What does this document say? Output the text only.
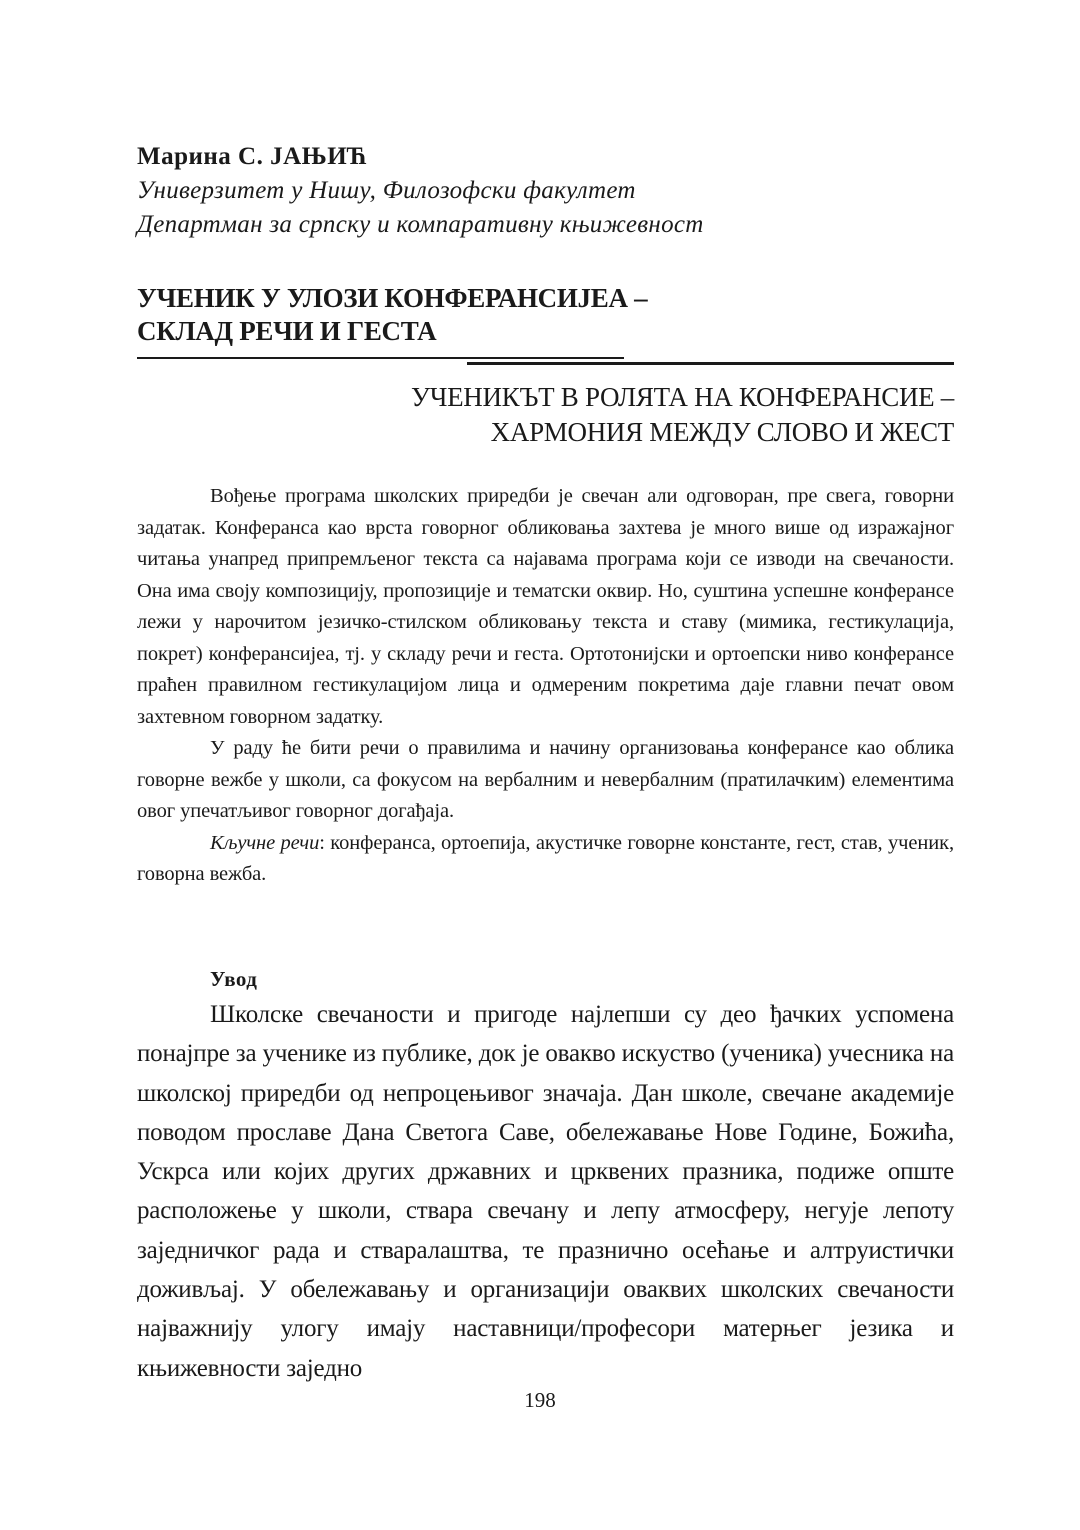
Марина С. ЈАЊИЋ
Универзитет у Нишу, Филозофски факултет
Департман за српску и компаративну књижевност
УЧЕНИК У УЛОЗИ КОНФЕРАНСИЈЕА –
СКЛАД РЕЧИ И ГЕСТА
УЧЕНИКЪТ В РОЛЯТА НА КОНФЕРАНСИЕ –
ХАРМОНИЯ МЕЖДУ СЛОВО И ЖЕСТ

Вођење програма школских приредби је свечан али одговоран, пре свега, говорни задатак. Конферанса као врста говорног обликовања захтева је много више од изражајног читања унапред припремљеног текста са најавама програма који се изводи на свечаности. Она има своју композицију, пропозиције и тематски оквир. Но, суштина успешне конферансе лежи у нарочитом језичко-стилском обликовању текста и ставу (мимика, гестикулација, покрет) конферансијеа, тј. у складу речи и геста. Ортотонијски и ортоепски ниво конферансе праћен правилном гестикулацијом лица и одмереним покретима даје главни печат овом захтевном говорном задатку.

У раду ће бити речи о правилима и начину организовања конферансе као облика говорне вежбе у школи, са фокусом на вербалним и невербалним (пратилачким) елементима овог упечатљивог говорног догађаја.

Кључне речи: конферанса, ортоепија, акустичке говорне константе, гест, став, ученик, говорна вежба.

Увод

Школске свечаности и пригоде најлепши су део ђачких успомена понајпре за ученике из публике, док је овакво искуство (ученика) учесника на школској приредби од непроцењивог значаја. Дан школе, свечане академије поводом прославе Дана Светога Саве, обележавање Нове Године, Божића, Ускрса или којих других државних и црквених празника, подиже опште расположење у школи, ствара свечану и лепу атмосферу, негује лепоту заједничког рада и стваралаштва, те празнично осећање и алтруистички доживљај. У обележавању и организацији оваквих школских свечаности најважнију улогу имају наставници/професори матерњег језика и књижевности заједно

198
